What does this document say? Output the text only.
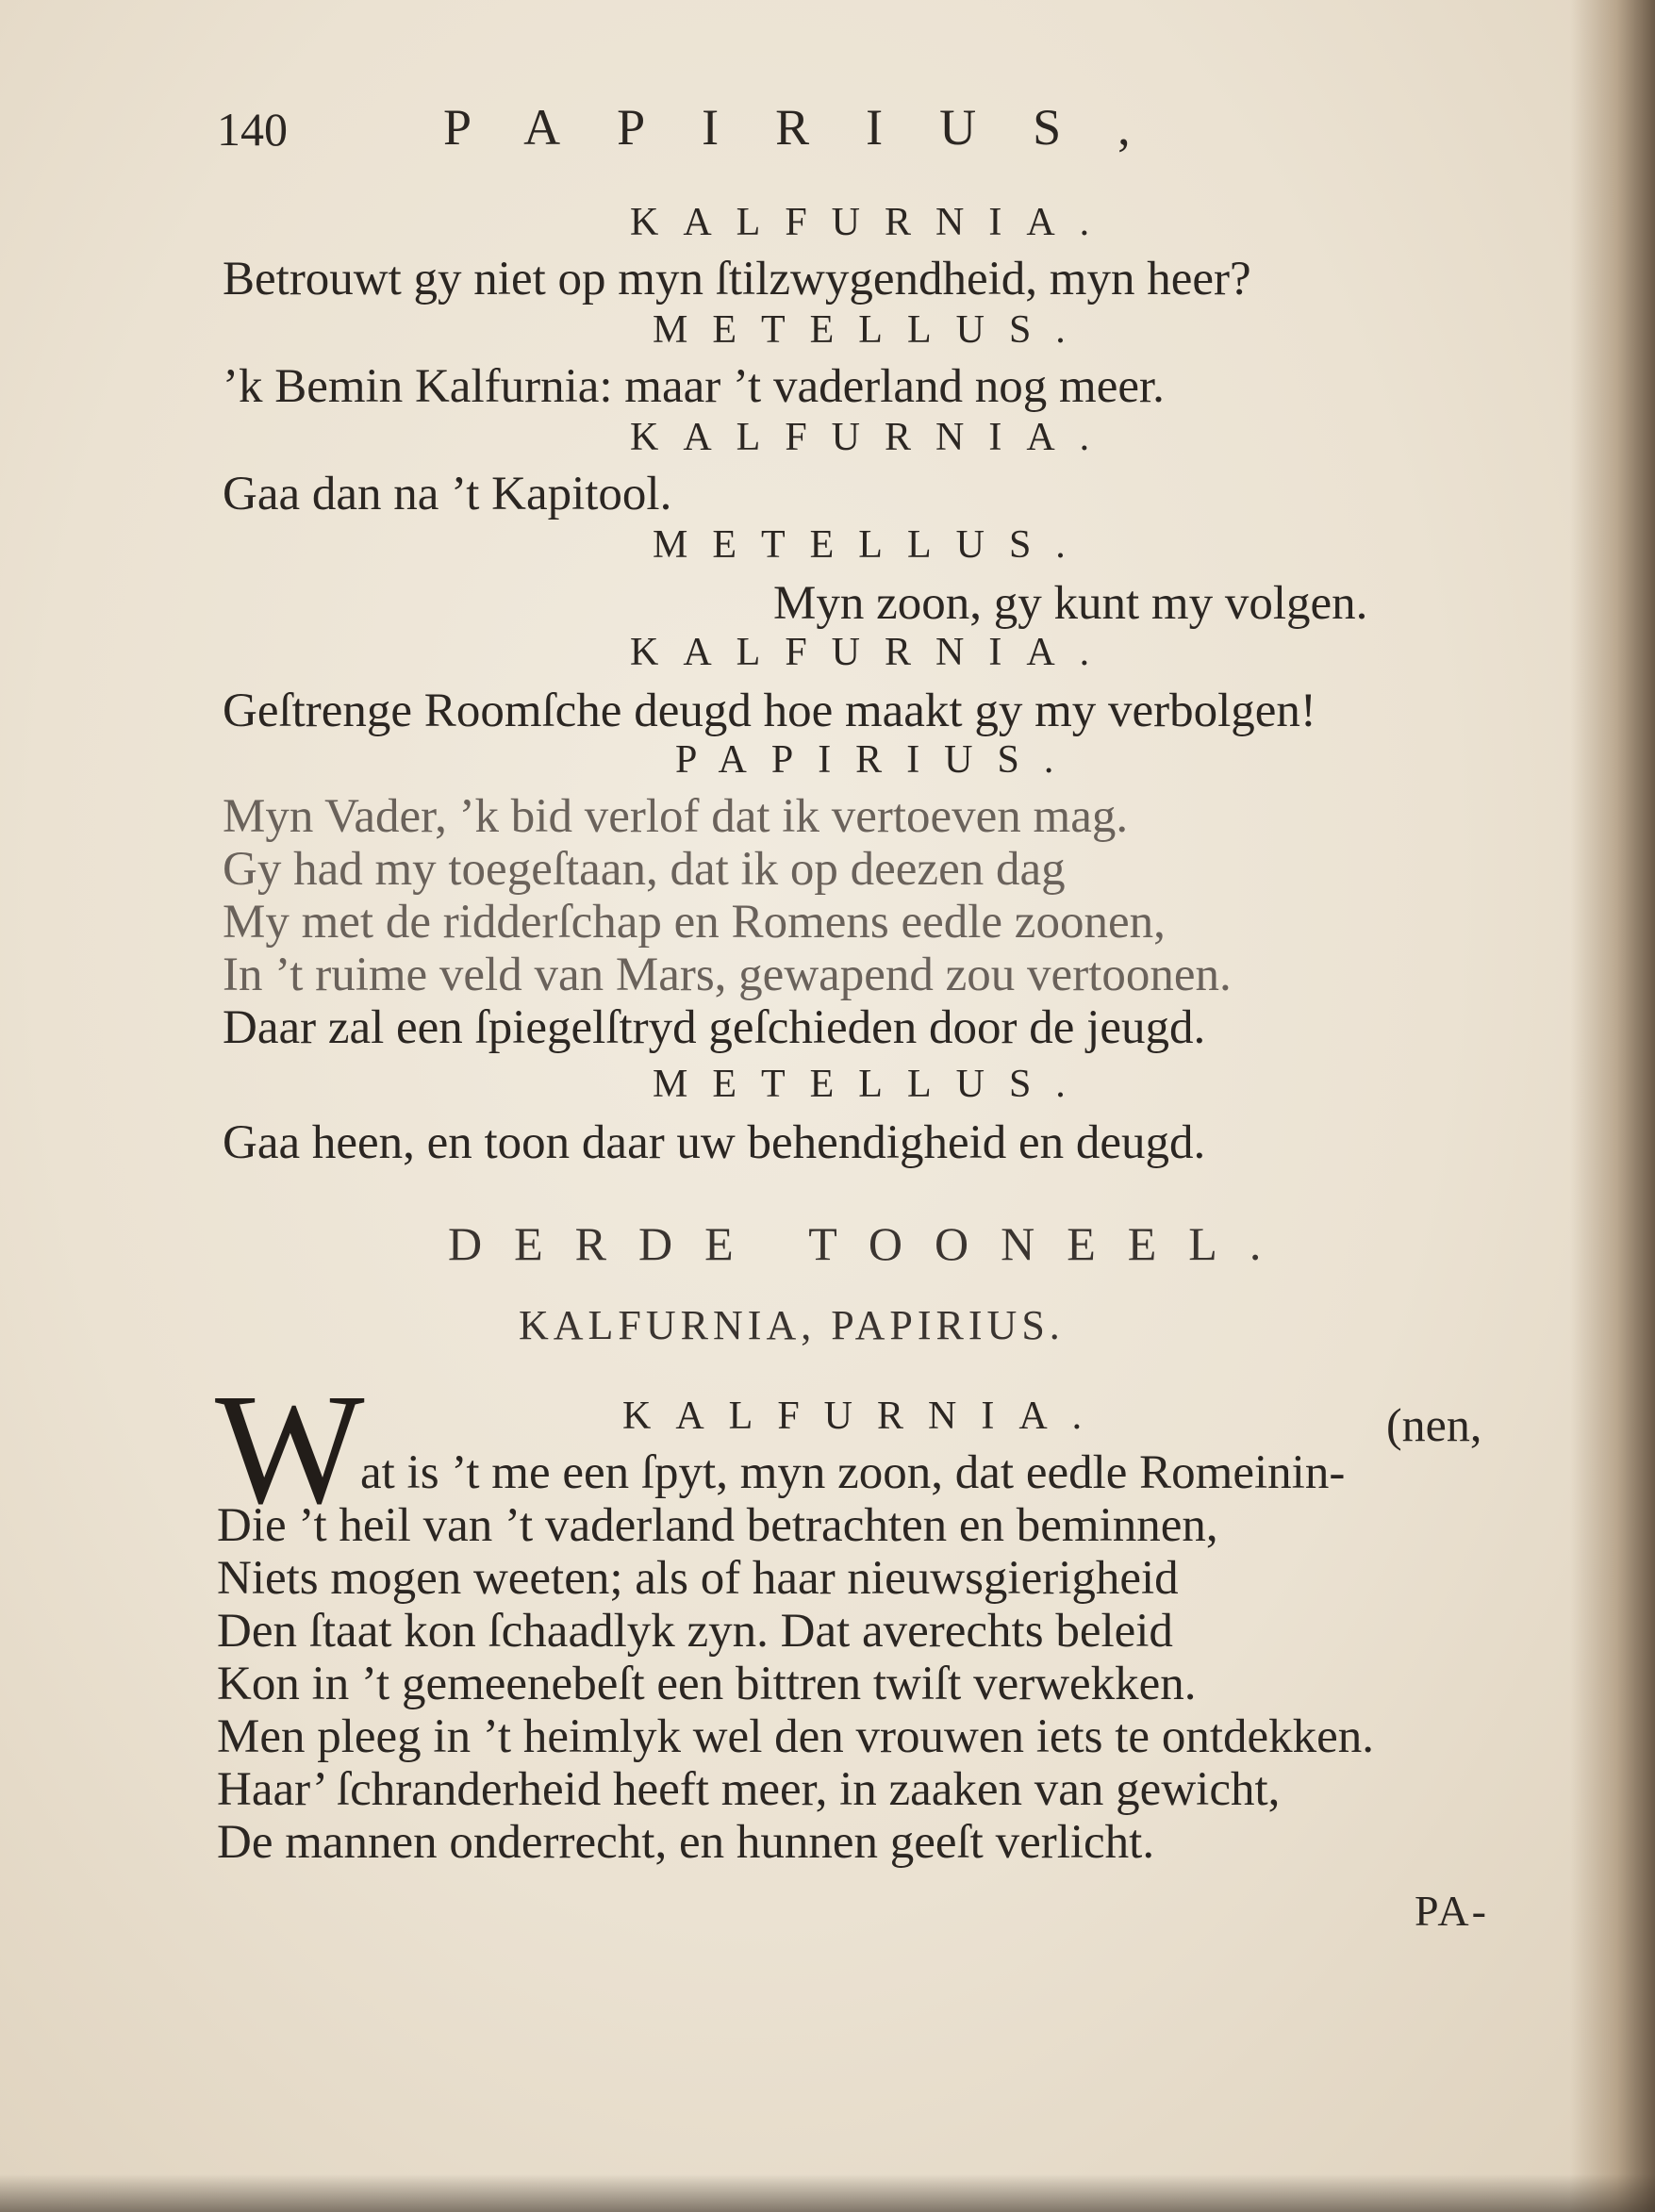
140	PAPIRIUS,
KALFURNIA.
Betrouwt gy niet op myn ſtilzwygendheid, myn heer?
METELLUS.
’k Bemin Kalfurnia: maar ’t vaderland nog meer.
KALFURNIA.
Gaa dan na ’t Kapitool.
METELLUS.
Myn zoon, gy kunt my volgen.
KALFURNIA.
Geſtrenge Roomſche deugd hoe maakt gy my verbolgen!
PAPIRIUS.
Myn Vader, ’k bid verlof dat ik vertoeven mag.
Gy had my toegeſtaan, dat ik op deezen dag
My met de ridderſchap en Romens eedle zoonen,
In ’t ruime veld van Mars, gewapend zou vertoonen.
Daar zal een ſpiegelſtryd geſchieden door de jeugd.
METELLUS.
Gaa heen, en toon daar uw behendigheid en deugd.
DERDE TOONEEL.
KALFURNIA, PAPIRIUS.
W	KALFURNIA.	(nen,
at is ’t me een ſpyt, myn zoon, dat eedle Romeinin-
Die ’t heil van ’t vaderland betrachten en beminnen,
Niets mogen weeten; als of haar nieuwsgierigheid
Den ſtaat kon ſchaadlyk zyn. Dat averechts beleid
Kon in ’t gemeenebeſt een bittren twiſt verwekken.
Men pleeg in ’t heimlyk wel den vrouwen iets te ontdekken.
Haar’ ſchranderheid heeft meer, in zaaken van gewicht,
De mannen onderrecht, en hunnen geeſt verlicht.
PA-
